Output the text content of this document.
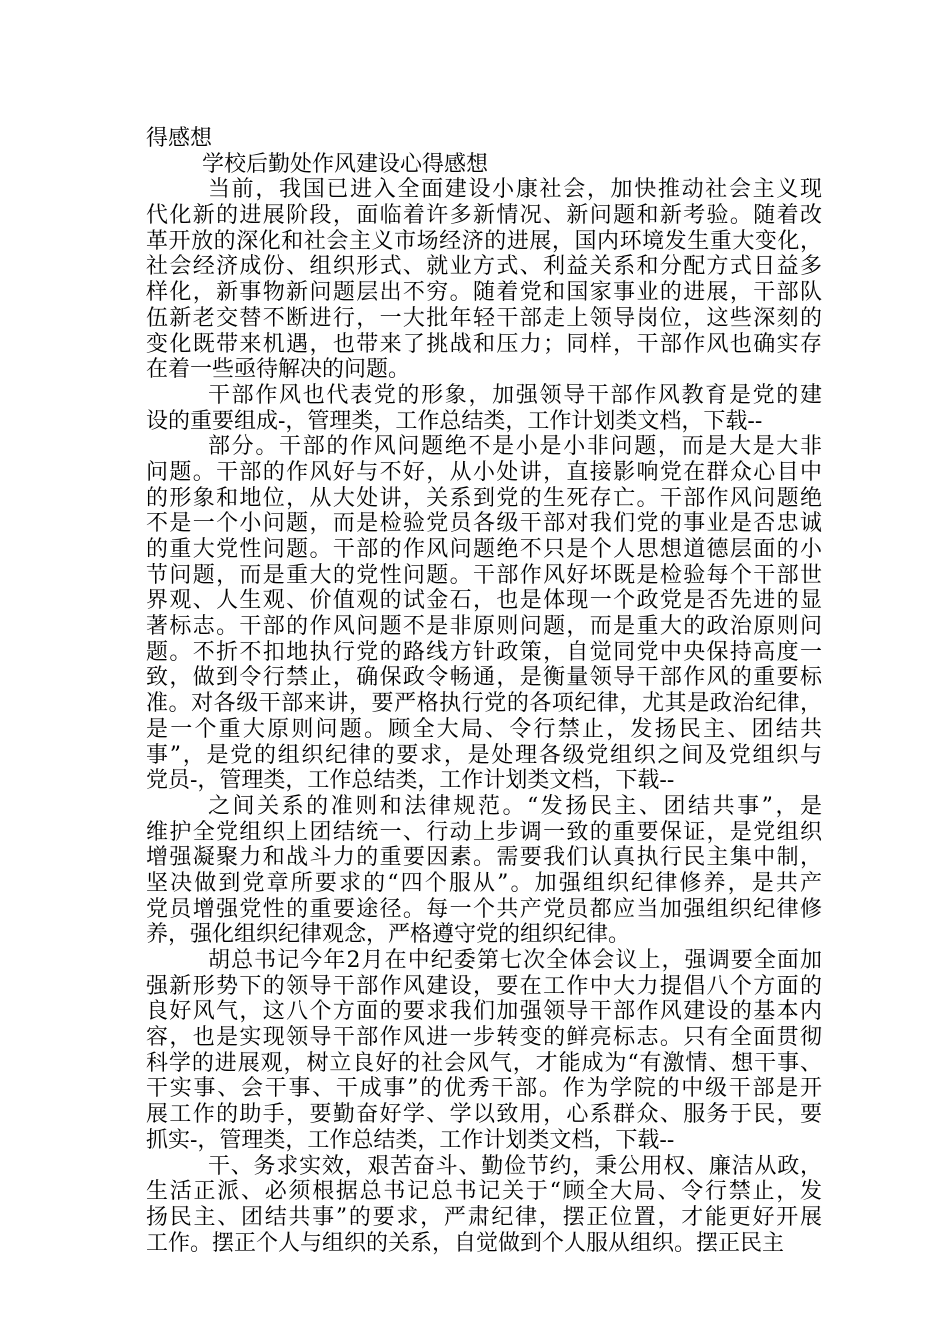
得感想
学校后勤处作风建设心得感想
当前，我国已进入全面建设小康社会，加快推动社会主义现
代化新的进展阶段，面临着许多新情况、新问题和新考验。随着改
革开放的深化和社会主义市场经济的进展，国内环境发生重大变化，
社会经济成份、组织形式、就业方式、利益关系和分配方式日益多
样化，新事物新问题层出不穷。随着党和国家事业的进展，干部队
伍新老交替不断进行，一大批年轻干部走上领导岗位，这些深刻的
变化既带来机遇，也带来了挑战和压力；同样，干部作风也确实存
在着一些亟待解决的问题。
干部作风也代表党的形象，加强领导干部作风教育是党的建
设的重要组成-，管理类，工作总结类，工作计划类文档，下载--
部分。干部的作风问题绝不是小是小非问题，而是大是大非
问题。干部的作风好与不好，从小处讲，直接影响党在群众心目中
的形象和地位，从大处讲，关系到党的生死存亡。干部作风问题绝
不是一个小问题，而是检验党员各级干部对我们党的事业是否忠诚
的重大党性问题。干部的作风问题绝不只是个人思想道德层面的小
节问题，而是重大的党性问题。干部作风好坏既是检验每个干部世
界观、人生观、价值观的试金石，也是体现一个政党是否先进的显
著标志。干部的作风问题不是非原则问题，而是重大的政治原则问
题。不折不扣地执行党的路线方针政策，自觉同党中央保持高度一
致，做到令行禁止，确保政令畅通，是衡量领导干部作风的重要标
准。对各级干部来讲，要严格执行党的各项纪律，尤其是政治纪律，
是一个重大原则问题。顾全大局、令行禁止，发扬民主、团结共
事”，是党的组织纪律的要求，是处理各级党组织之间及党组织与
党员-，管理类，工作总结类，工作计划类文档，下载--
之间关系的准则和法律规范。“发扬民主、团结共事”，是
维护全党组织上团结统一、行动上步调一致的重要保证，是党组织
增强凝聚力和战斗力的重要因素。需要我们认真执行民主集中制，
坚决做到党章所要求的“四个服从”。加强组织纪律修养，是共产
党员增强党性的重要途径。每一个共产党员都应当加强组织纪律修
养，强化组织纪律观念，严格遵守党的组织纪律。
胡总书记今年2月在中纪委第七次全体会议上，强调要全面加
强新形势下的领导干部作风建设，要在工作中大力提倡八个方面的
良好风气，这八个方面的要求我们加强领导干部作风建设的基本内
容，也是实现领导干部作风进一步转变的鲜亮标志。只有全面贯彻
科学的进展观，树立良好的社会风气，才能成为“有激情、想干事、
干实事、会干事、干成事”的优秀干部。作为学院的中级干部是开
展工作的助手，要勤奋好学、学以致用，心系群众、服务于民，要
抓实-，管理类，工作总结类，工作计划类文档，下载--
干、务求实效，艰苦奋斗、勤俭节约，秉公用权、廉洁从政，
生活正派、必须根据总书记总书记关于“顾全大局、令行禁止，发
扬民主、团结共事”的要求，严肃纪律，摆正位置，才能更好开展
工作。摆正个人与组织的关系，自觉做到个人服从组织。摆正民主
